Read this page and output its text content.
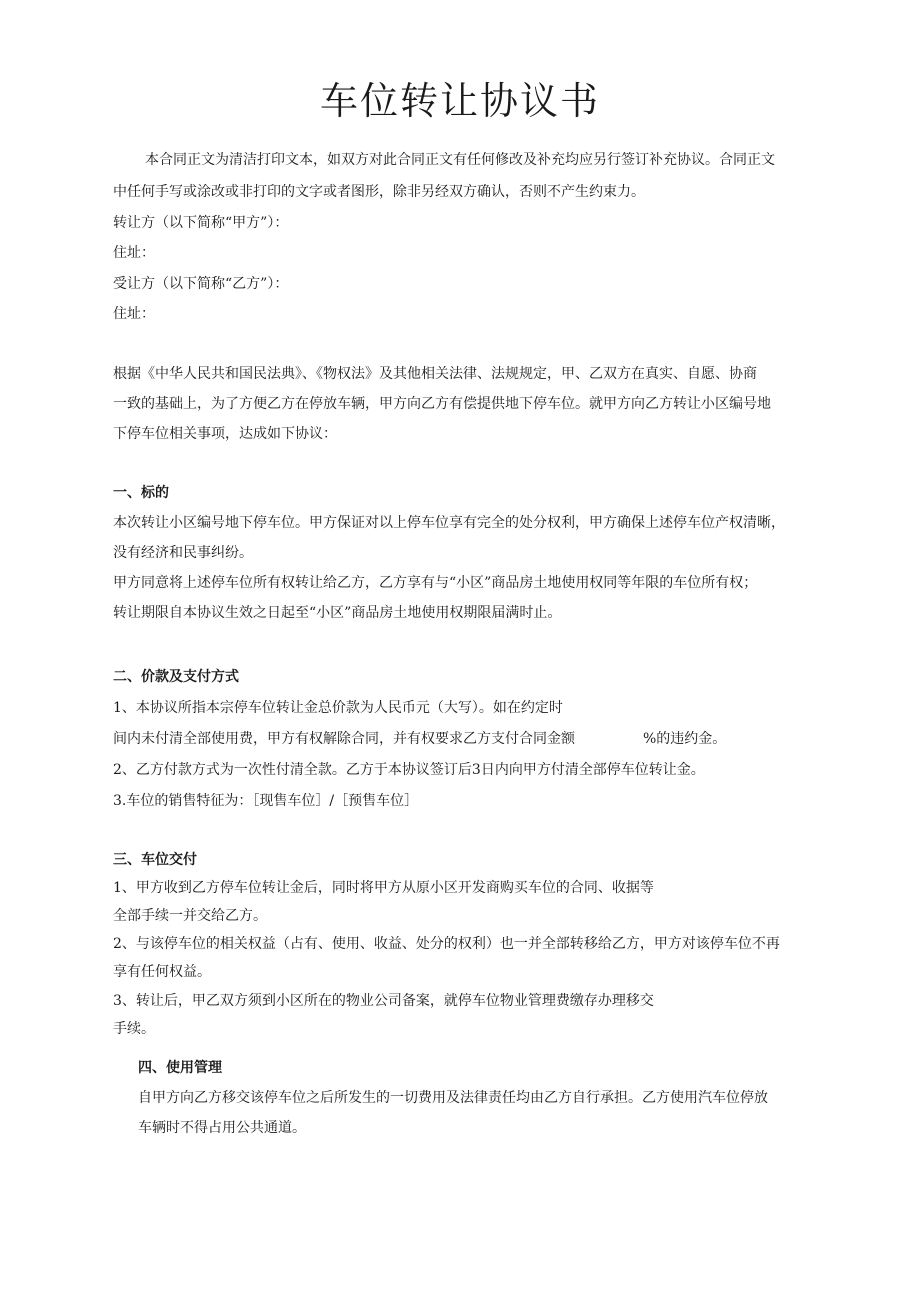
车位转让协议书

本合同正文为清洁打印文本，如双方对此合同正文有任何修改及补充均应另行签订补充协议。合同正文

中任何手写或涂改或非打印的文字或者图形，除非另经双方确认，否则不产生约束力。

转让方（以下简称“甲方”）：

住址：

受让方（以下简称“乙方”）：

住址：

根据《中华人民共和国民法典》、《物权法》及其他相关法律、法规规定，甲、乙双方在真实、自愿、协商

一致的基础上，为了方便乙方在停放车辆，甲方向乙方有偿提供地下停车位。就甲方向乙方转让小区编号地

下停车位相关事项，达成如下协议：

一、标的

本次转让小区编号地下停车位。甲方保证对以上停车位享有完全的处分权利，甲方确保上述停车位产权清晰，

没有经济和民事纠纷。

甲方同意将上述停车位所有权转让给乙方，乙方享有与“小区”商品房土地使用权同等年限的车位所有权；

转让期限自本协议生效之日起至“小区”商品房土地使用权期限届满时止。

二、价款及支付方式

1、本协议所指本宗停车位转让金总价款为人民币元（大写）。如在约定时

间内未付清全部使用费，甲方有权解除合同，并有权要求乙方支付合同金额	%的违约金。

2、乙方付款方式为一次性付清全款。乙方于本协议签订后3日内向甲方付清全部停车位转让金。

3.车位的销售特征为：［现售车位］/［预售车位］

三、车位交付

1、甲方收到乙方停车位转让金后，同时将甲方从原小区开发商购买车位的合同、收据等

全部手续一并交给乙方。

2、与该停车位的相关权益（占有、使用、收益、处分的权利）也一并全部转移给乙方，甲方对该停车位不再

享有任何权益。

3、转让后，甲乙双方须到小区所在的物业公司备案，就停车位物业管理费缴存办理移交

手续。

四、使用管理

自甲方向乙方移交该停车位之后所发生的一切费用及法律责任均由乙方自行承担。乙方使用汽车位停放

车辆时不得占用公共通道。
